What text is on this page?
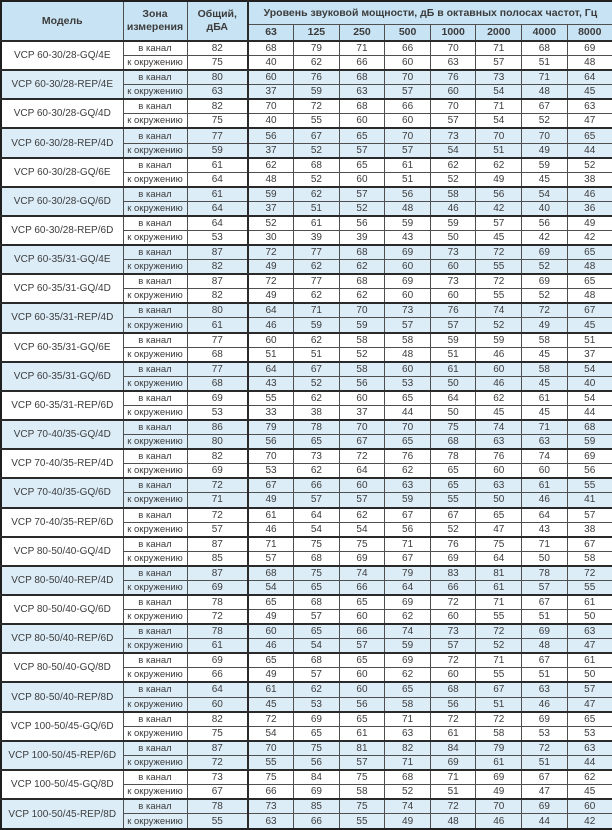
Модель	Зона измерения	Общий, дБА	Уровень звуковой мощности, дБ в октавных полосах частот, Гц							
			63	125	250	500	1000	2000	4000	8000
VCP 60-30/28-GQ/4E	в канал	82	68	79	71	66	70	71	68	69
	к окружению	75	40	62	66	60	63	57	51	48
VCP 60-30/28-REP/4E	в канал	80	60	76	68	70	76	73	71	64
	к окружению	63	37	59	63	57	60	54	48	45
VCP 60-30/28-GQ/4D	в канал	82	70	72	68	66	70	71	67	63
	к окружению	75	40	55	60	60	57	54	52	47
VCP 60-30/28-REP/4D	в канал	77	56	67	65	70	73	70	70	65
	к окружению	59	37	52	57	57	54	51	49	44
VCP 60-30/28-GQ/6E	в канал	61	62	68	65	61	62	62	59	52
	к окружению	64	48	52	60	51	52	49	45	38
VCP 60-30/28-GQ/6D	в канал	61	59	62	57	56	58	56	54	46
	к окружению	64	37	51	52	48	46	42	40	36
VCP 60-30/28-REP/6D	в канал	64	52	61	56	59	59	57	56	49
	к окружению	53	30	39	39	43	50	45	42	42
VCP 60-35/31-GQ/4E	в канал	87	72	77	68	69	73	72	69	65
	к окружению	82	49	62	62	60	60	55	52	48
VCP 60-35/31-GQ/4D	в канал	87	72	77	68	69	73	72	69	65
	к окружению	82	49	62	62	60	60	55	52	48
VCP 60-35/31-REP/4D	в канал	80	64	71	70	73	76	74	72	67
	к окружению	61	46	59	59	57	57	52	49	45
VCP 60-35/31-GQ/6E	в канал	77	60	62	58	58	59	59	58	51
	к окружению	68	51	51	52	48	51	46	45	37
VCP 60-35/31-GQ/6D	в канал	77	64	67	58	60	61	60	58	54
	к окружению	68	43	52	56	53	50	46	45	40
VCP 60-35/31-REP/6D	в канал	69	55	62	60	65	64	62	61	54
	к окружению	53	33	38	37	44	50	45	45	44
VCP 70-40/35-GQ/4D	в канал	86	79	78	70	70	75	74	71	68
	к окружению	80	56	65	67	65	68	63	63	59
VCP 70-40/35-REP/4D	в канал	82	70	73	72	76	78	76	74	69
	к окружению	69	53	62	64	62	65	60	60	56
VCP 70-40/35-GQ/6D	в канал	72	67	66	60	63	65	63	61	55
	к окружению	71	49	57	57	59	55	50	46	41
VCP 70-40/35-REP/6D	в канал	72	61	64	62	67	67	65	64	57
	к окружению	57	46	54	54	56	52	47	43	38
VCP 80-50/40-GQ/4D	в канал	87	71	75	75	71	76	75	71	67
	к окружению	85	57	68	69	67	69	64	50	58
VCP 80-50/40-REP/4D	в канал	87	68	75	74	79	83	81	78	72
	к окружению	69	54	65	66	64	66	61	57	55
VCP 80-50/40-GQ/6D	в канал	78	65	68	65	69	72	71	67	61
	к окружению	72	49	57	60	62	60	55	51	50
VCP 80-50/40-REP/6D	в канал	78	60	65	66	74	73	72	69	63
	к окружению	61	46	54	57	59	57	52	48	47
VCP 80-50/40-GQ/8D	в канал	69	65	68	65	69	72	71	67	61
	к окружению	66	49	57	60	62	60	55	51	50
VCP 80-50/40-REP/8D	в канал	64	61	62	60	65	68	67	63	57
	к окружению	60	45	53	56	58	56	51	46	47
VCP 100-50/45-GQ/6D	в канал	82	72	69	65	71	72	72	69	65
	к окружению	75	54	65	61	63	61	58	53	53
VCP 100-50/45-REP/6D	в канал	87	70	75	81	82	84	79	72	63
	к окружению	72	55	56	57	71	69	61	51	44
VCP 100-50/45-GQ/8D	в канал	73	75	84	75	68	71	69	67	62
	к окружению	67	66	69	58	52	51	49	47	45
VCP 100-50/45-REP/8D	в канал	78	73	85	75	74	72	70	69	60
	к окружению	55	63	66	55	49	48	46	44	42
